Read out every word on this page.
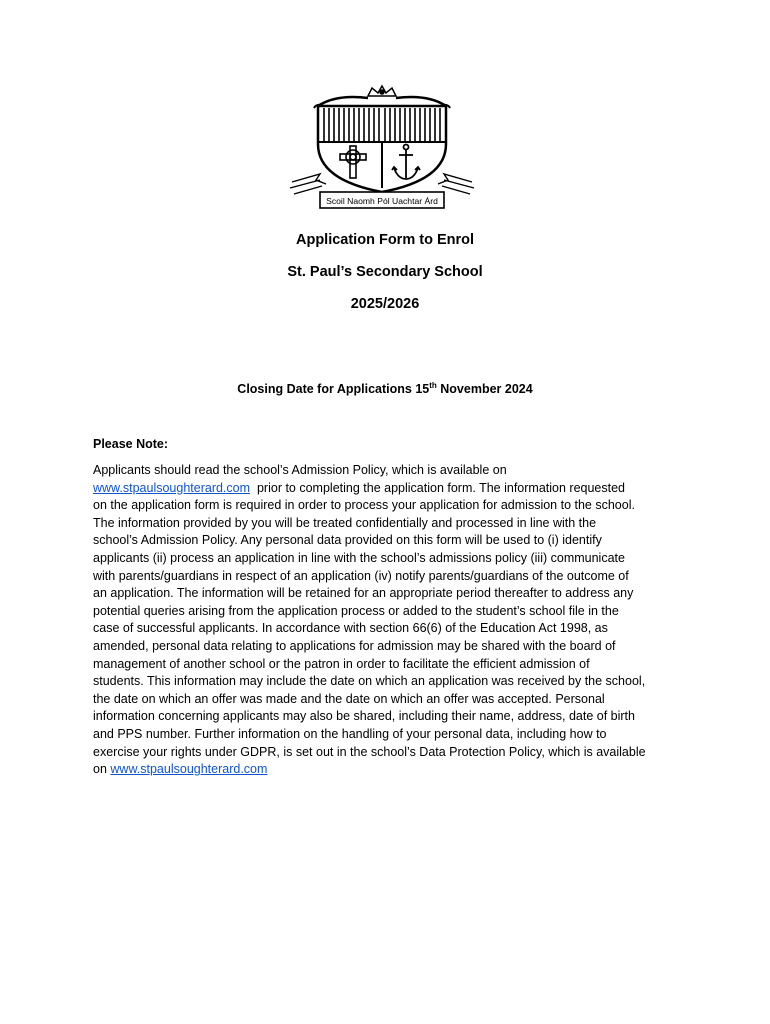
Scoil Naomh Pól Uachtar Árd
Application Form to Enrol
St. Paul’s Secondary School
2025/2026
Closing Date for Applications 15th November 2024
Please Note:
Applicants should read the school’s Admission Policy, which is available on
www.stpaulsoughterard.com  prior to completing the application form. The information requested
on the application form is required in order to process your application for admission to the school.
The information provided by you will be treated confidentially and processed in line with the
school’s Admission Policy. Any personal data provided on this form will be used to (i) identify
applicants (ii) process an application in line with the school’s admissions policy (iii) communicate
with parents/guardians in respect of an application (iv) notify parents/guardians of the outcome of
an application. The information will be retained for an appropriate period thereafter to address any
potential queries arising from the application process or added to the student’s school file in the
case of successful applicants. In accordance with section 66(6) of the Education Act 1998, as
amended, personal data relating to applications for admission may be shared with the board of
management of another school or the patron in order to facilitate the efficient admission of
students. This information may include the date on which an application was received by the school,
the date on which an offer was made and the date on which an offer was accepted. Personal
information concerning applicants may also be shared, including their name, address, date of birth
and PPS number. Further information on the handling of your personal data, including how to
exercise your rights under GDPR, is set out in the school’s Data Protection Policy, which is available
on www.stpaulsoughterard.com
